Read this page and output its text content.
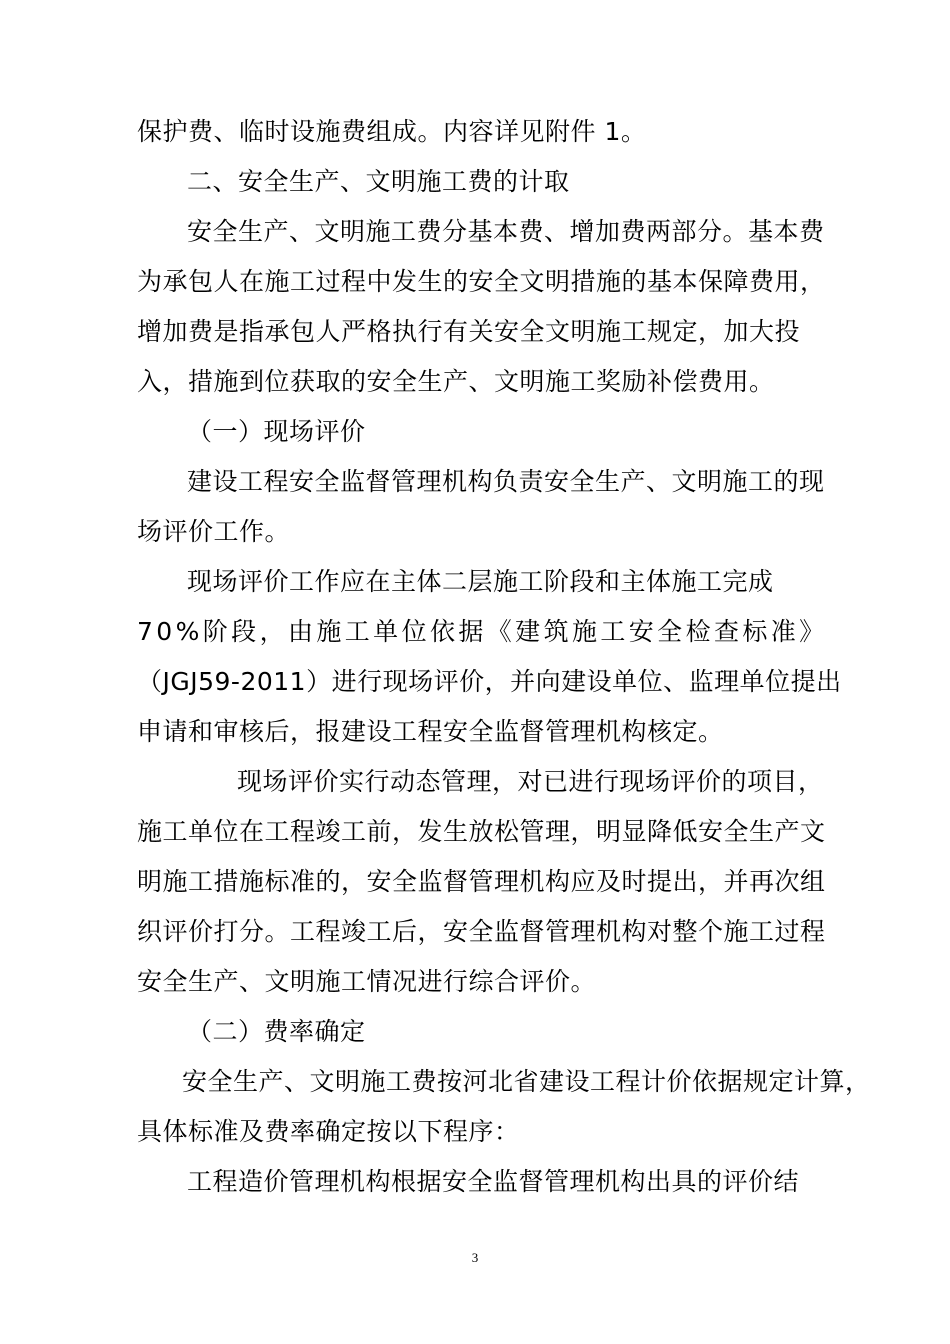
保护费、临时设施费组成。内容详见附件 1。
二、安全生产、文明施工费的计取
安全生产、文明施工费分基本费、增加费两部分。基本费
为承包人在施工过程中发生的安全文明措施的基本保障费用，
增加费是指承包人严格执行有关安全文明施工规定，加大投
入，措施到位获取的安全生产、文明施工奖励补偿费用。
（一）现场评价
建设工程安全监督管理机构负责安全生产、文明施工的现
场评价工作。
现场评价工作应在主体二层施工阶段和主体施工完成
70%阶段，由施工单位依据《建筑施工安全检查标准》
（JGJ59-2011）进行现场评价，并向建设单位、监理单位提出
申请和审核后，报建设工程安全监督管理机构核定。
现场评价实行动态管理，对已进行现场评价的项目，
施工单位在工程竣工前，发生放松管理，明显降低安全生产文
明施工措施标准的，安全监督管理机构应及时提出，并再次组
织评价打分。工程竣工后，安全监督管理机构对整个施工过程
安全生产、文明施工情况进行综合评价。
（二）费率确定
安全生产、文明施工费按河北省建设工程计价依据规定计算，
具体标准及费率确定按以下程序：
工程造价管理机构根据安全监督管理机构出具的评价结
3
